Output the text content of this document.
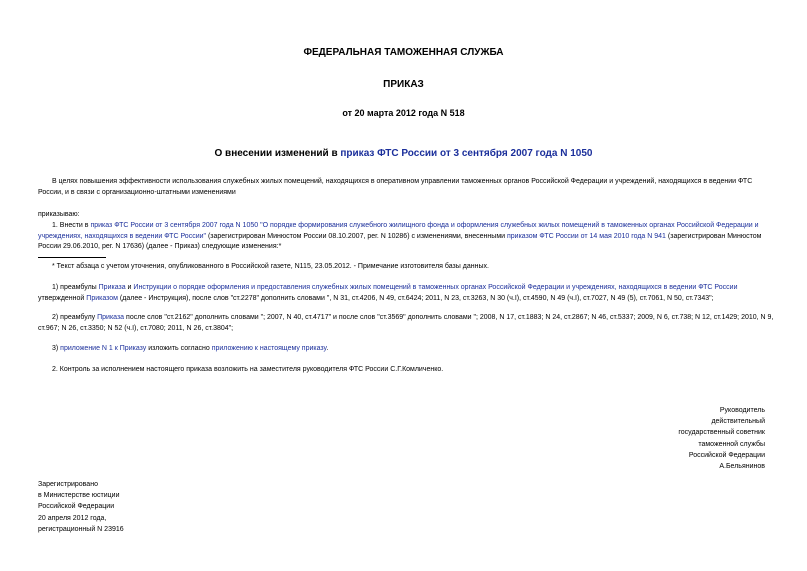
ФЕДЕРАЛЬНАЯ ТАМОЖЕННАЯ СЛУЖБА
ПРИКАЗ
от 20 марта 2012 года N 518
О внесении изменений в приказ ФТС России от 3 сентября 2007 года N 1050
В целях повышения эффективности использования служебных жилых помещений, находящихся в оперативном управлении таможенных органов Российской Федерации и учреждений, находящихся в ведении ФТС России, и в связи с организационно-штатными изменениями
приказываю:
1. Внести в приказ ФТС России от 3 сентября 2007 года N 1050 "О порядке формирования служебного жилищного фонда и оформления служебных жилых помещений в таможенных органах Российской Федерации и учреждениях, находящихся в ведении ФТС России" (зарегистрирован Минюстом России 08.10.2007, рег. N 10286) с изменениями, внесенными приказом ФТС России от 14 мая 2010 года N 941 (зарегистрирован Минюстом России 29.06.2010, рег. N 17636) (далее - Приказ) следующие изменения:*
* Текст абзаца с учетом уточнения, опубликованного в Российской газете, N115, 23.05.2012. - Примечание изготовителя базы данных.
1) преамбулы Приказа и Инструкции о порядке оформления и предоставления служебных жилых помещений в таможенных органах Российской Федерации и учреждениях, находящихся в ведении ФТС России утвержденной Приказом (далее - Инструкция), после слов "ст.2278" дополнить словами ", N 31, ст.4206, N 49, ст.6424; 2011, N 23, ст.3263, N 30 (ч.I), ст.4590, N 49 (ч.I), ст.7027, N 49 (5), ст.7061, N 50, ст.7343";
2) преамбулу Приказа после слов "ст.2162" дополнить словами "; 2007, N 40, ст.4717" и после слов "ст.3569" дополнить словами "; 2008, N 17, ст.1883; N 24, ст.2867; N 46, ст.5337; 2009, N 6, ст.738; N 12, ст.1429; 2010, N 9, ст.967; N 26, ст.3350; N 52 (ч.I), ст.7080; 2011, N 26, ст.3804";
3) приложение N 1 к Приказу изложить согласно приложению к настоящему приказу.
2. Контроль за исполнением настоящего приказа возложить на заместителя руководителя ФТС России С.Г.Комличенко.
Руководитель
действительный
государственный советник
таможенной службы
Российской Федерации
А.Бельянинов
Зарегистрировано
в Министерстве юстиции
Российской Федерации
20 апреля 2012 года,
регистрационный N 23916
